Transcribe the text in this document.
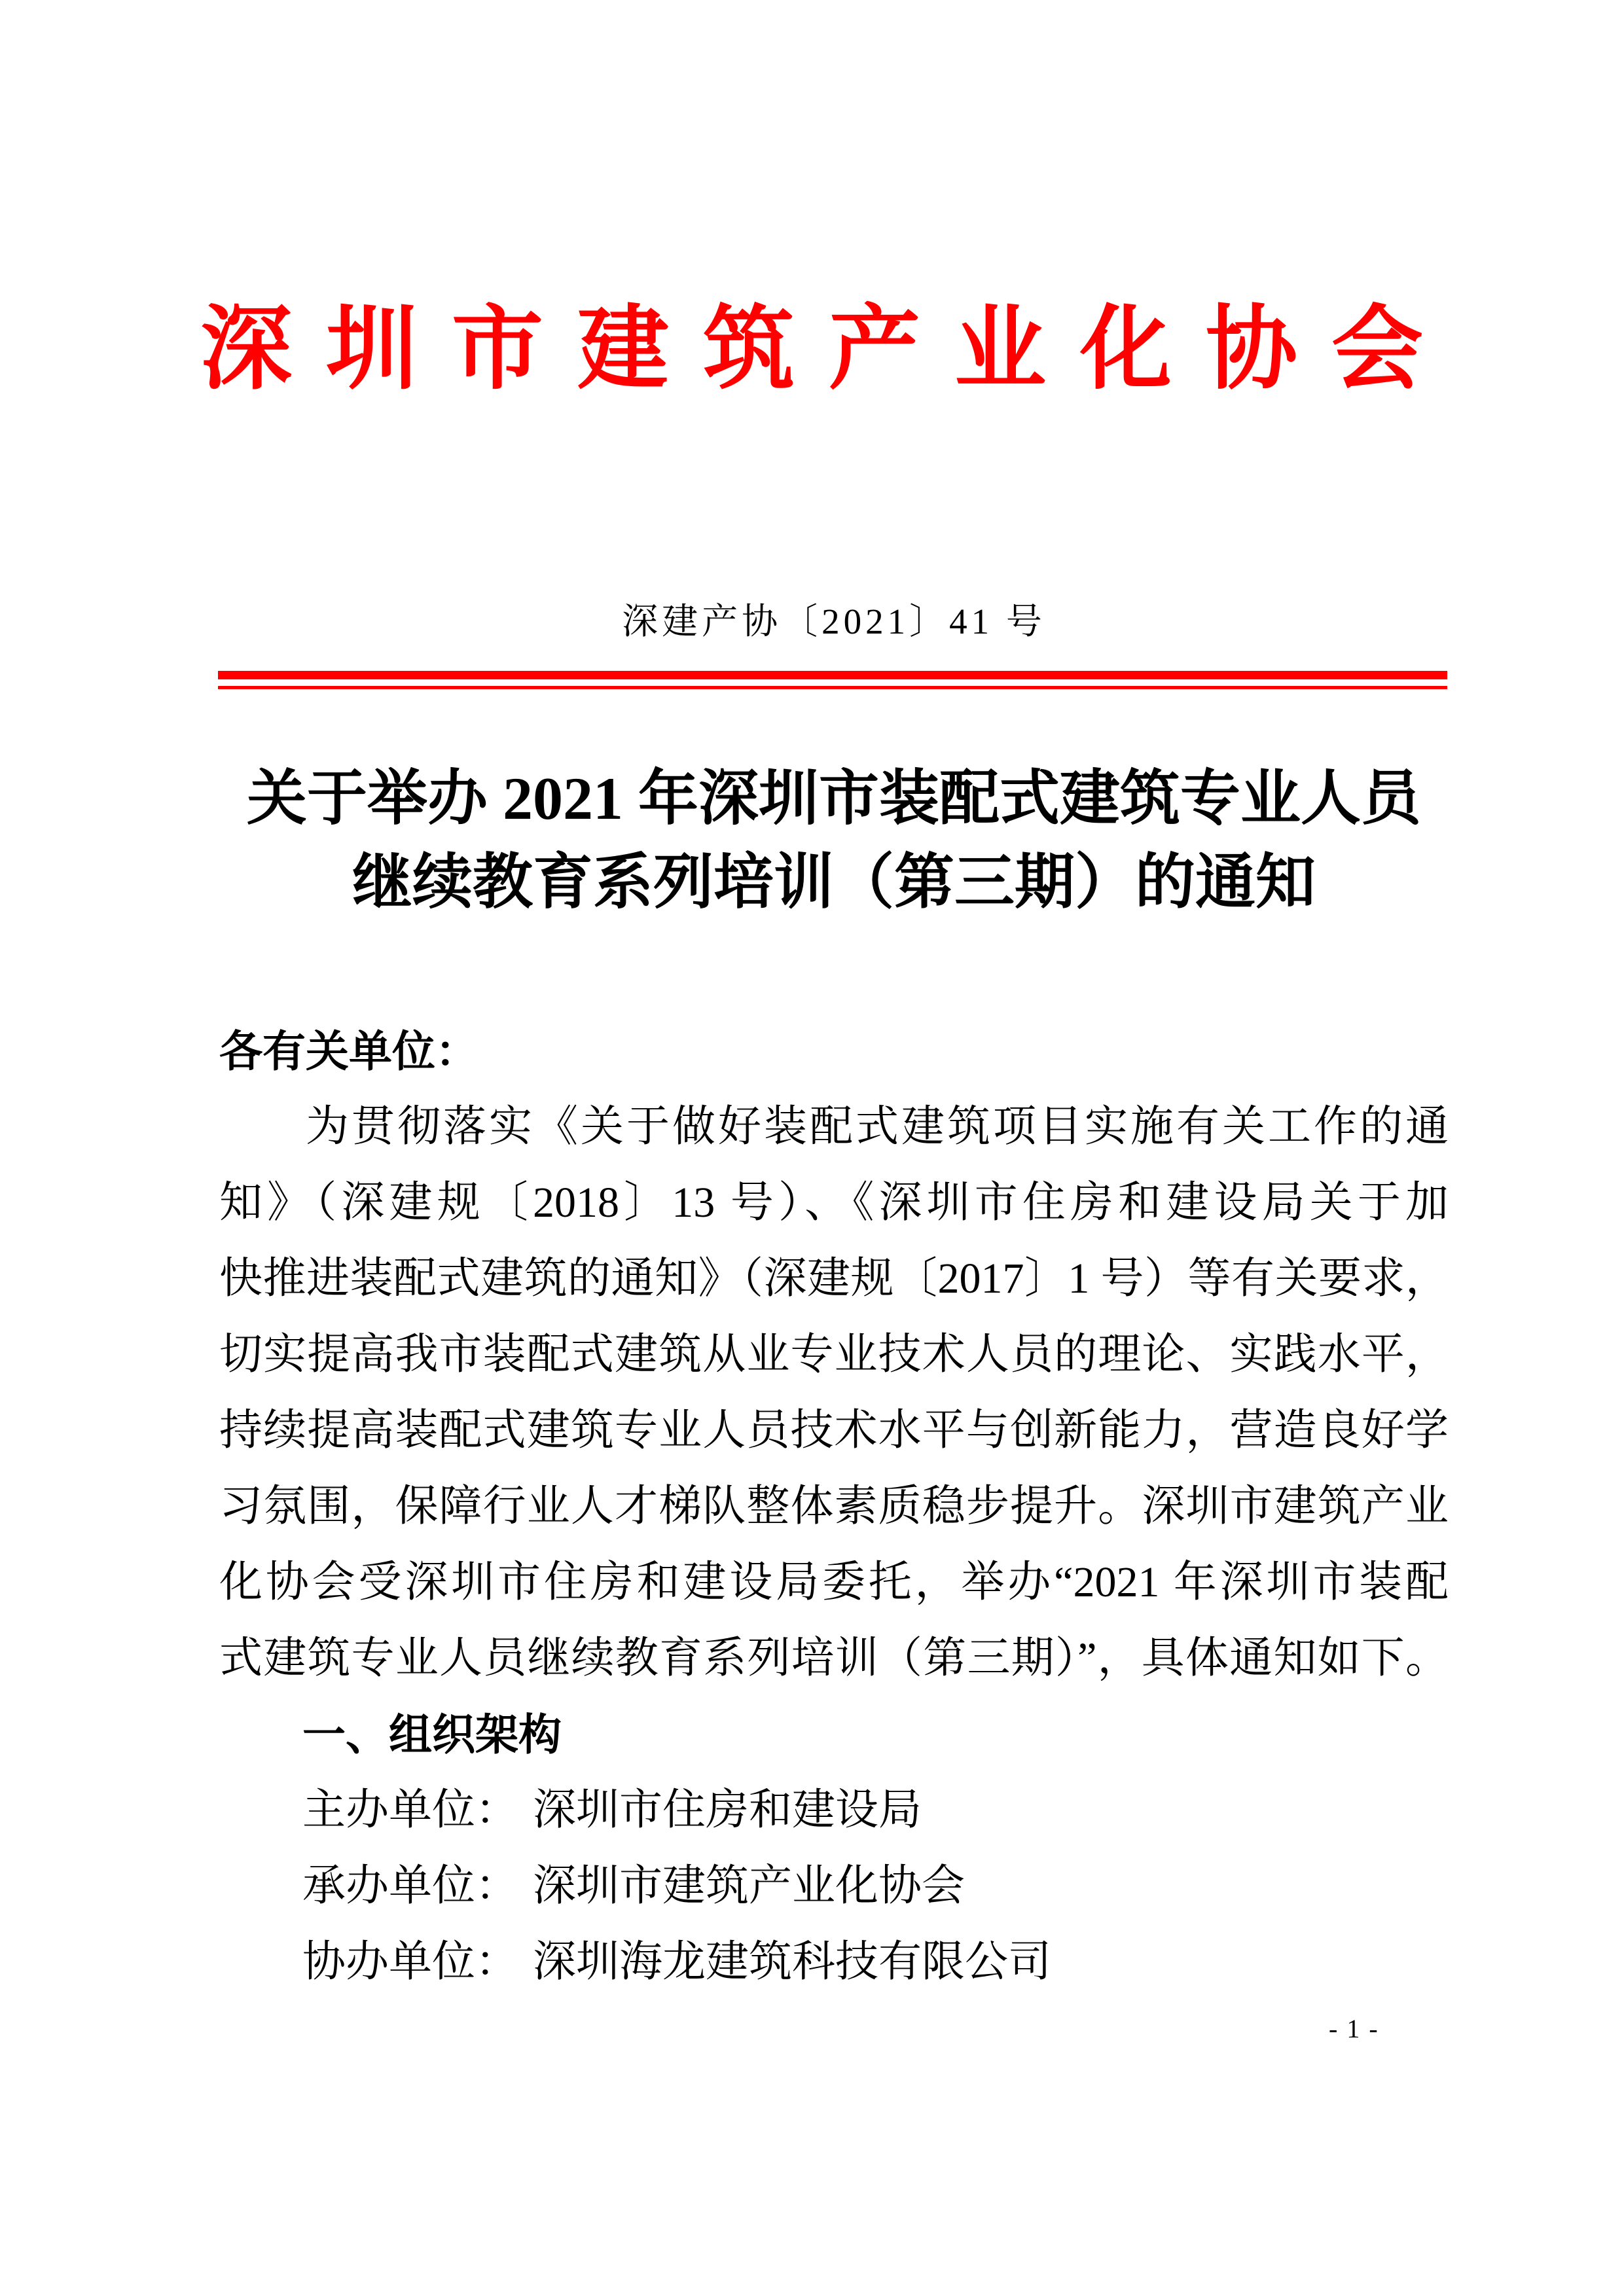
深圳市建筑产业化协会
深建产协〔2021〕41 号
关于举办 2021 年深圳市装配式建筑专业人员
继续教育系列培训（第三期）的通知
各有关单位：
为贯彻落实《关于做好装配式建筑项目实施有关工作的通
知》（深建规〔2018〕13 号）、《深圳市住房和建设局关于加
快推进装配式建筑的通知》（深建规〔2017〕1 号）等有关要求，
切实提高我市装配式建筑从业专业技术人员的理论、实践水平，
持续提高装配式建筑专业人员技术水平与创新能力，营造良好学
习氛围，保障行业人才梯队整体素质稳步提升。深圳市建筑产业
化协会受深圳市住房和建设局委托，举办“2021 年深圳市装配
式建筑专业人员继续教育系列培训（第三期）”，具体通知如下。
一、组织架构
主办单位： 深圳市住房和建设局
承办单位： 深圳市建筑产业化协会
协办单位： 深圳海龙建筑科技有限公司
- 1 -
